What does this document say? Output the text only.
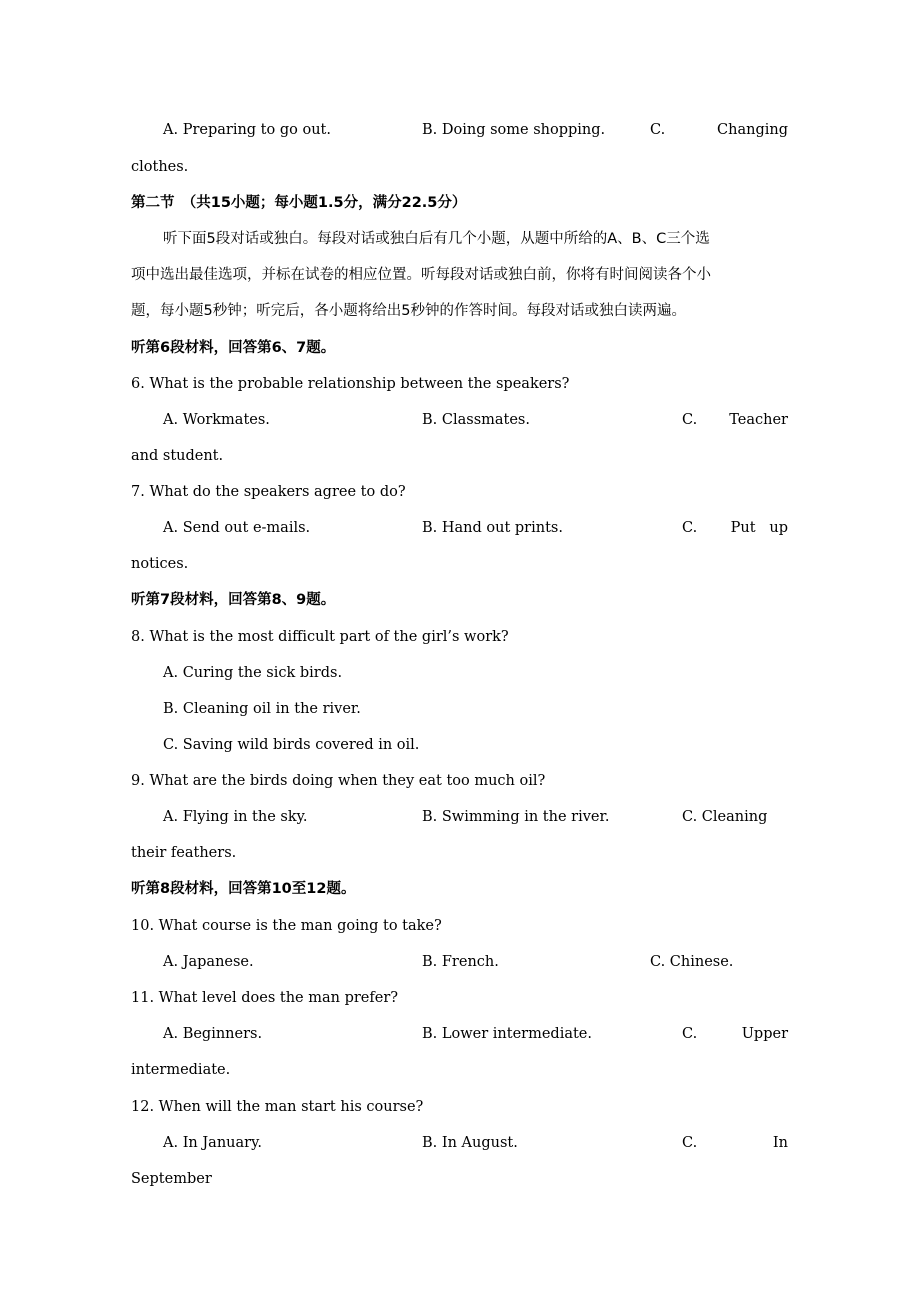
A. Preparing to go out.	B. Doing some shopping.	C.	Changing
clothes.
第二节　（共15小题；每小题1.5分，满分22.5分）
听下面5段对话或独白。每段对话或独白后有几个小题，从题中所给的A、B、C三个选
项中选出最佳选项，并标在试卷的相应位置。听每段对话或独白前，你将有时间阅读各个小
题，每小题5秒钟；听完后，各小题将给出5秒钟的作答时间。每段对话或独白读两遍。
听第6段材料，回答第6、7题。
6. What is the probable relationship between the speakers?
A. Workmates.	B. Classmates.	C.	Teacher
and student.
7. What do the speakers agree to do?
A. Send out e-mails.	B. Hand out prints.	C.	Put   up
notices.
听第7段材料，回答第8、9题。
8. What is the most difficult part of the girl’s work?
A. Curing the sick birds.
B. Cleaning oil in the river.
C. Saving wild birds covered in oil.
9. What are the birds doing when they eat too much oil?
A. Flying in the sky.	B. Swimming in the river.	C. Cleaning
their feathers.
听第8段材料，回答第10至12题。
10. What course is the man going to take?
A. Japanese.	B. French.	C. Chinese.
11. What level does the man prefer?
A. Beginners.	B. Lower intermediate.	C.	Upper
intermediate.
12. When will the man start his course?
A. In January.	B. In August.	C.	In
September
